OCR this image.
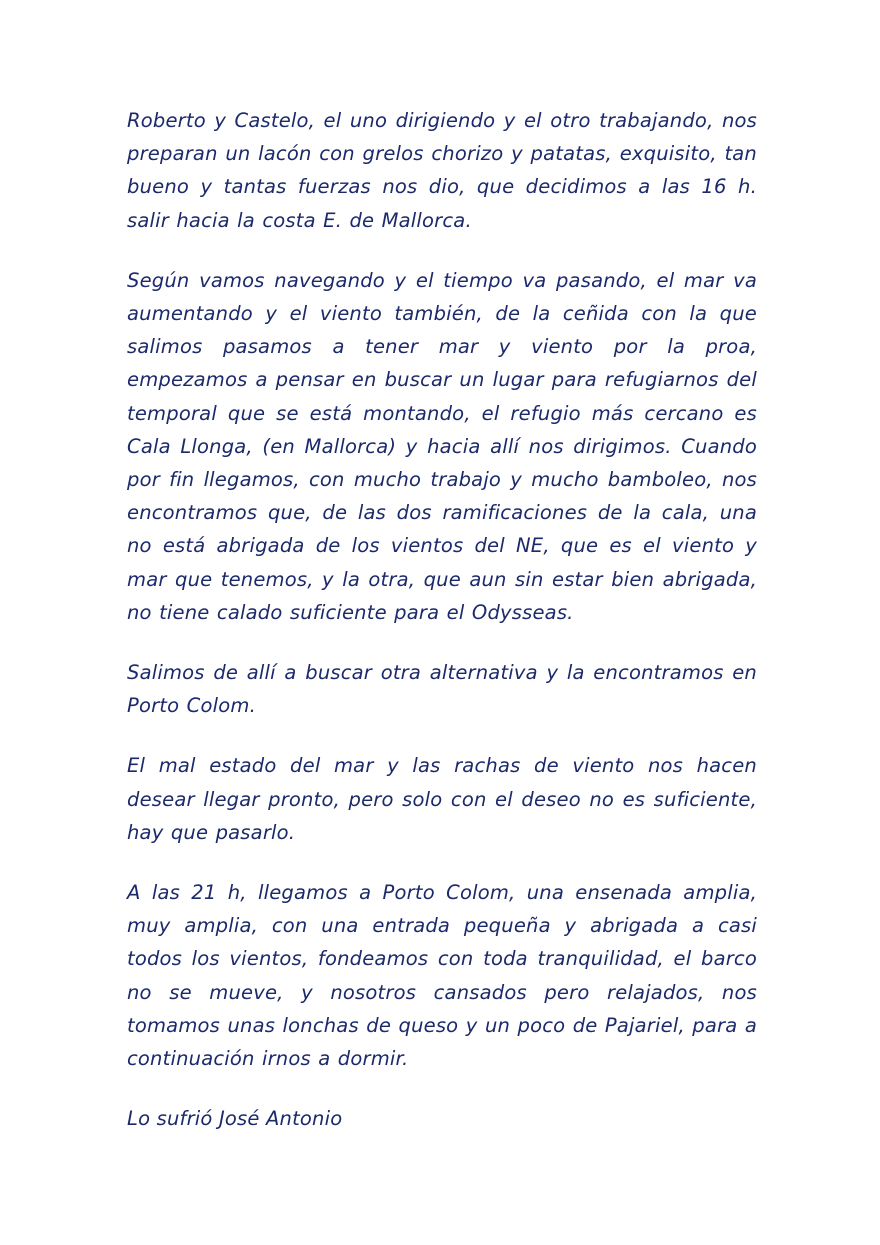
Roberto y Castelo, el uno dirigiendo y el otro trabajando, nos preparan un lacón con grelos chorizo y patatas, exquisito, tan bueno y tantas fuerzas nos dio, que decidimos a las 16 h. salir hacia la costa E. de Mallorca.

Según vamos navegando y el tiempo va pasando, el mar va aumentando y el viento también, de la ceñida con la que salimos pasamos a tener mar y viento por la proa, empezamos a pensar en buscar un lugar para refugiarnos del temporal que se está montando, el refugio más cercano es Cala Llonga, (en Mallorca) y hacia allí nos dirigimos. Cuando por fin llegamos, con mucho trabajo y mucho bamboleo, nos encontramos que, de las dos ramificaciones de la cala, una no está abrigada de los vientos del NE, que es el viento y mar que tenemos, y la otra, que aun sin estar bien abrigada, no tiene calado suficiente para el Odysseas.

Salimos de allí a buscar otra alternativa y la encontramos en Porto Colom.

El mal estado del mar y las rachas de viento nos hacen desear llegar pronto, pero solo con el deseo no es suficiente, hay que pasarlo.

A las 21 h, llegamos a Porto Colom, una ensenada amplia, muy amplia, con una entrada pequeña y abrigada a casi todos los vientos, fondeamos con toda tranquilidad, el barco no se mueve, y nosotros cansados pero relajados, nos tomamos unas lonchas de queso y un poco de Pajariel, para a continuación irnos a dormir.

Lo sufrió José Antonio
